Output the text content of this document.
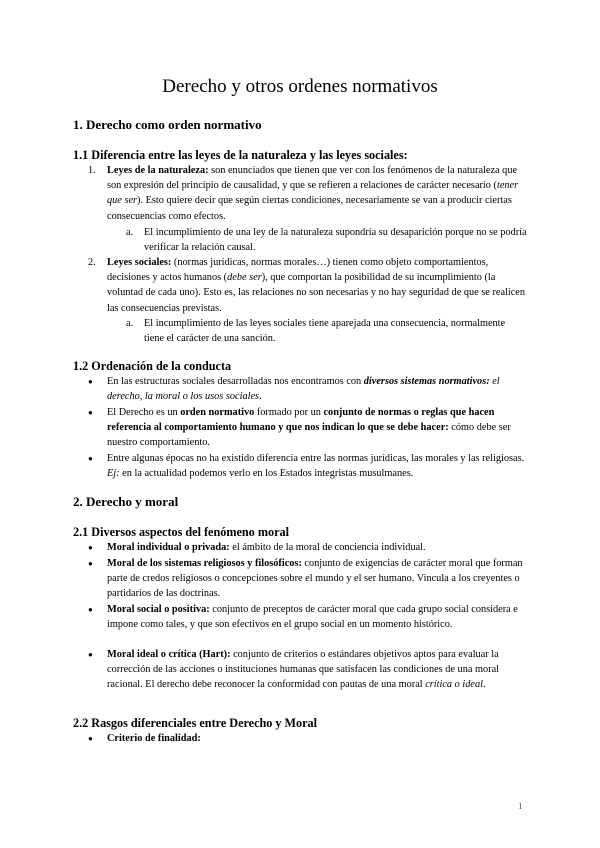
Derecho y otros ordenes normativos
1. Derecho como orden normativo
1.1 Diferencia entre las leyes de la naturaleza y las leyes sociales:
1. Leyes de la naturaleza: son enunciados que tienen que ver con los fenómenos de la naturaleza que son expresión del principio de causalidad, y que se refieren a relaciones de carácter necesario (tener que ser). Esto quiere decir que según ciertas condiciones, necesariamente se van a producir ciertas consecuencias como efectos.
a. El incumplimiento de una ley de la naturaleza supondría su desaparición porque no se podría verificar la relación causal.
2. Leyes sociales: (normas jurídicas, normas morales…) tienen como objeto comportamientos, decisiones y actos humanos (debe ser), que comportan la posibilidad de su incumplimiento (la voluntad de cada uno). Esto es, las relaciones no son necesarias y no hay seguridad de que se realicen las consecuencias previstas.
a. El incumplimiento de las leyes sociales tiene aparejada una consecuencia, normalmente tiene el carácter de una sanción.
1.2 Ordenación de la conducta
● En las estructuras sociales desarrolladas nos encontramos con diversos sistemas normativos: el derecho, la moral o los usos sociales.
● El Derecho es un orden normativo formado por un conjunto de normas o reglas que hacen referencia al comportamiento humano y que nos indican lo que se debe hacer: cómo debe ser nuestro comportamiento.
● Entre algunas épocas no ha existido diferencia entre las normas jurídicas, las morales y las religiosas. Ej: en la actualidad podemos verlo en los Estados integristas musulmanes.
2. Derecho y moral
2.1 Diversos aspectos del fenómeno moral
● Moral individual o privada: el ámbito de la moral de conciencia individual.
● Moral de los sistemas religiosos y filosóficos: conjunto de exigencias de carácter moral que forman parte de credos religiosos o concepciones sobre el mundo y el ser humano. Vincula a los creyentes o partidarios de las doctrinas.
● Moral social o positiva: conjunto de preceptos de carácter moral que cada grupo social considera e impone como tales, y que son efectivos en el grupo social en un momento histórico.
● Moral ideal o crítica (Hart): conjunto de criterios o estándares objetivos aptos para evaluar la corrección de las acciones o instituciones humanas que satisfacen las condiciones de una moral racional. El derecho debe reconocer la conformidad con pautas de una moral crítica o ideal.
2.2 Rasgos diferenciales entre Derecho y Moral
● Criterio de finalidad:
1
